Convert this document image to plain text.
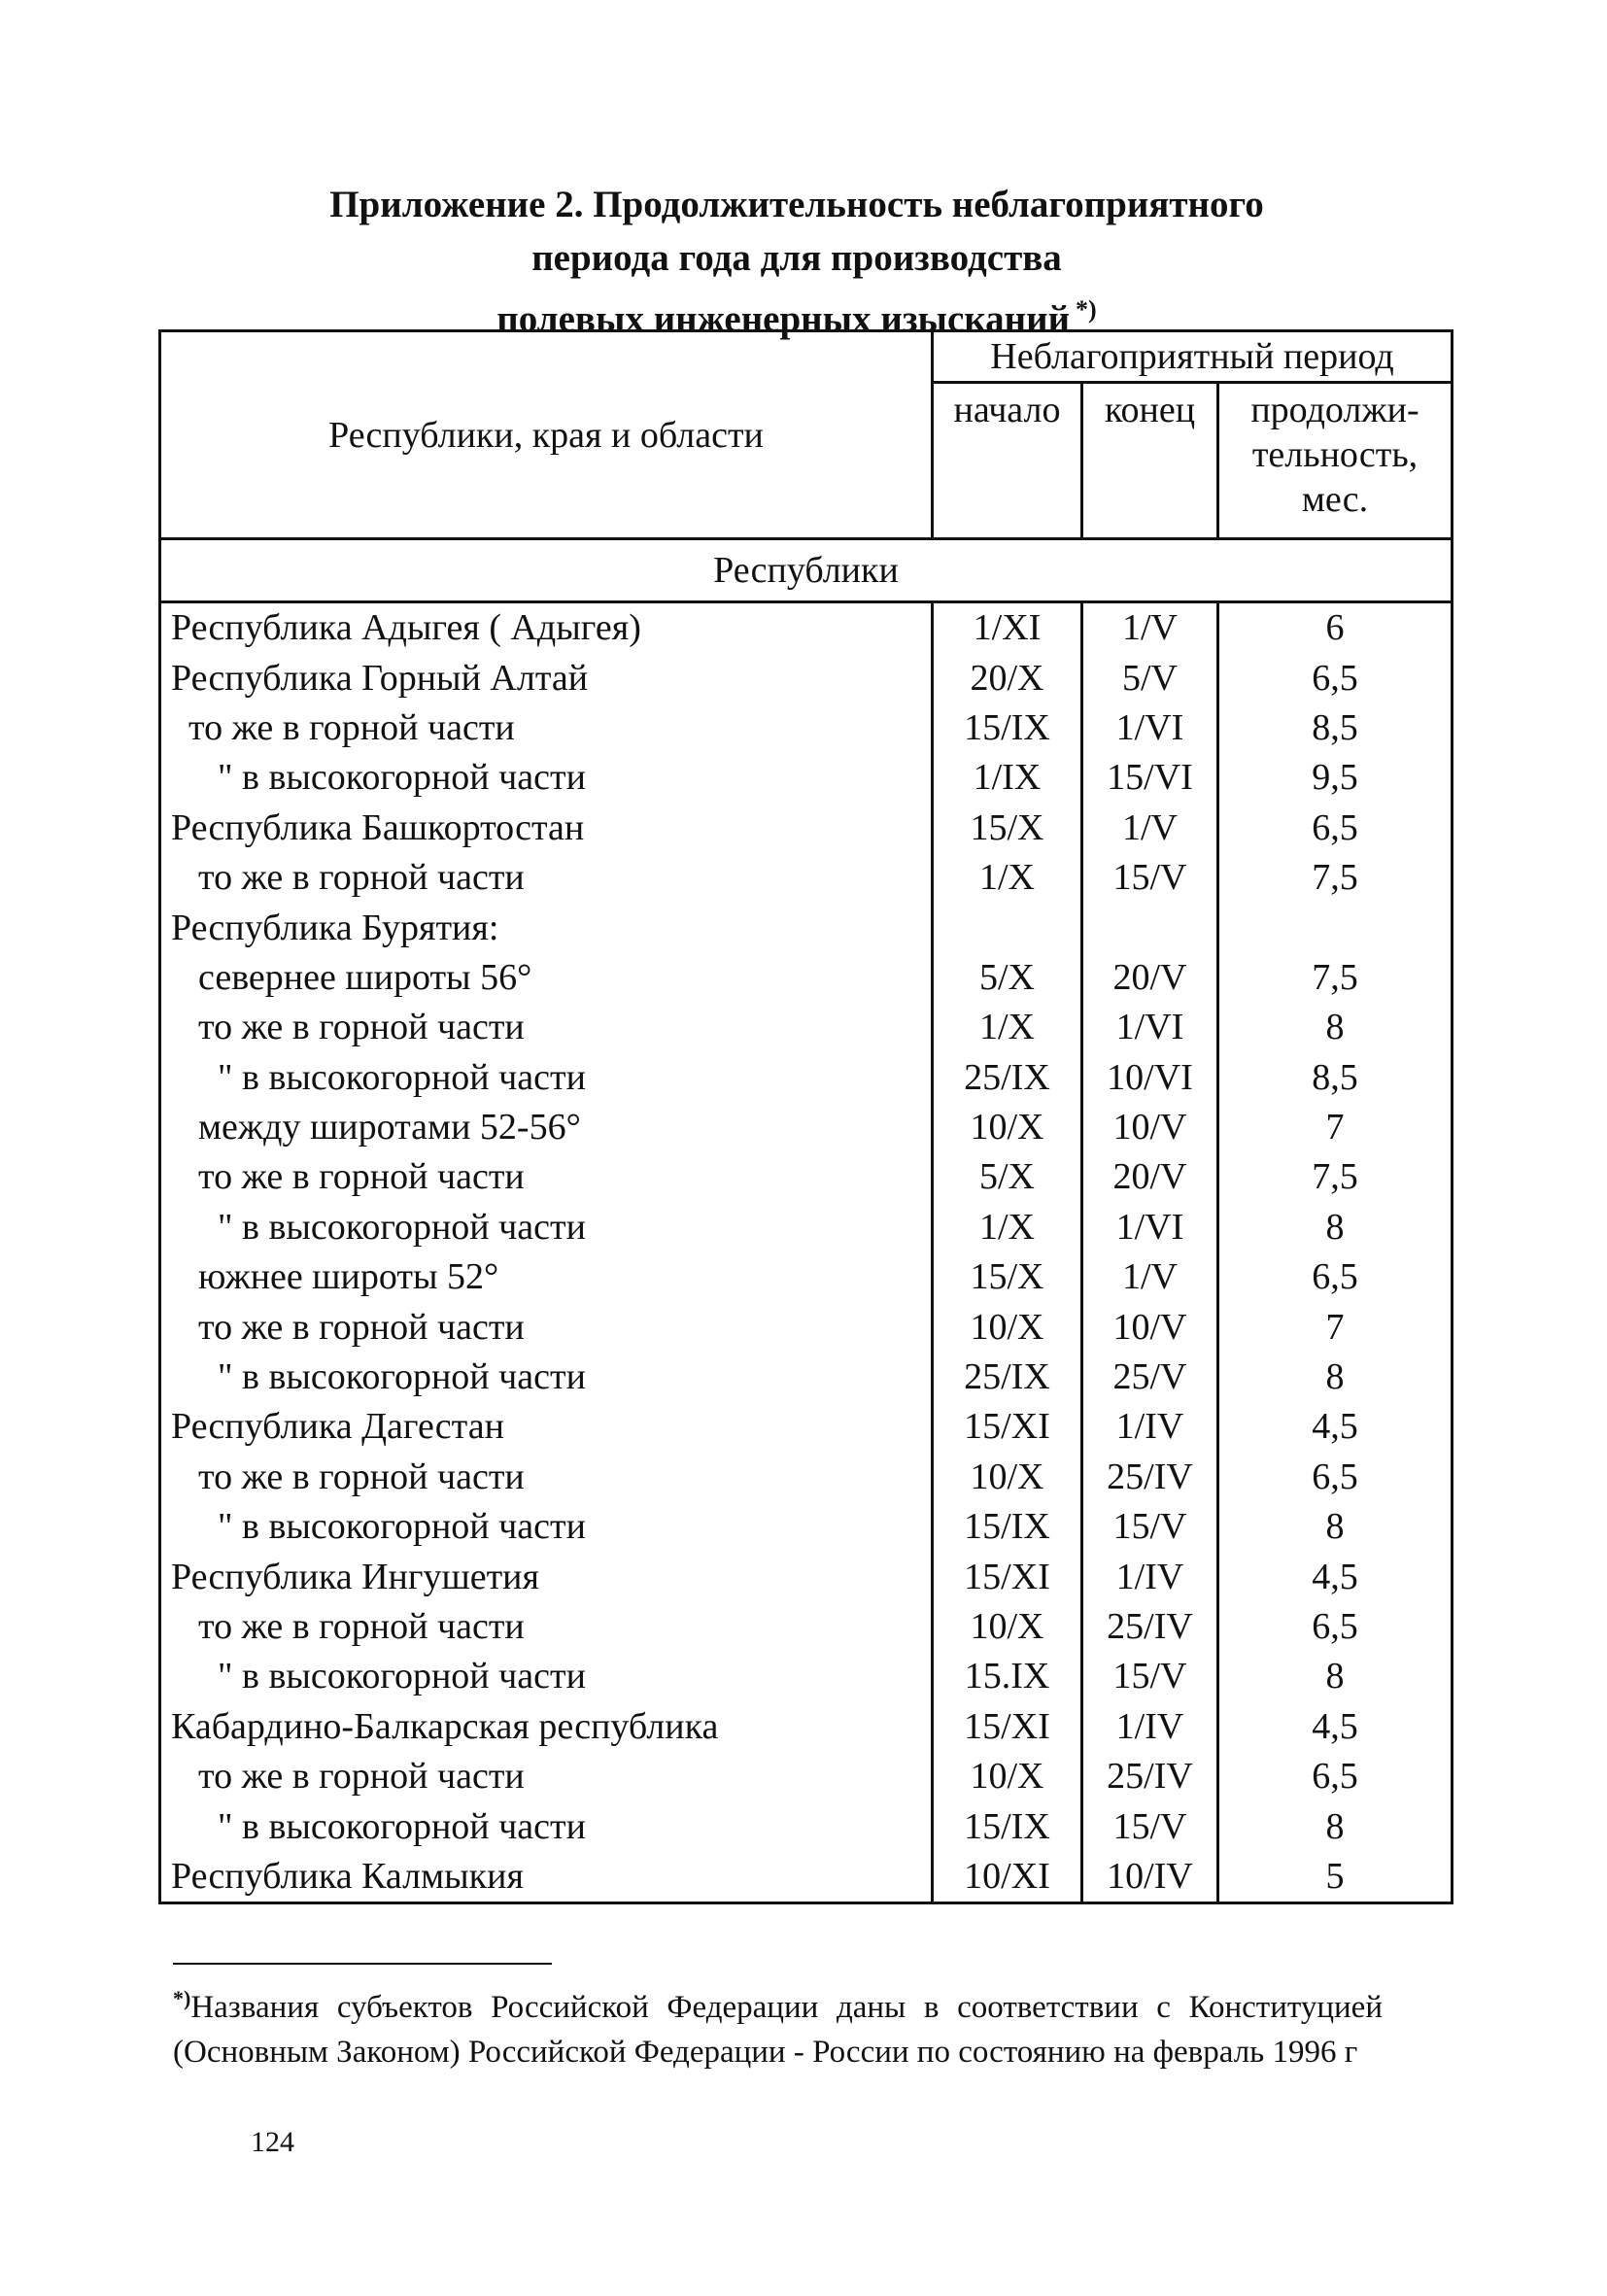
Приложение 2. Продолжительность неблагоприятного
периода года для производства
полевых инженерных изысканий *)
Республики, края и области	Неблагоприятный период		
	начало	конец	продолжи-
тельность,
мес.
Республики			
Республика Адыгея ( Адыгея)	1/XI	1/V	6
Республика Горный Алтай	20/X	5/V	6,5
то же в горной части	15/IX	1/VI	8,5
" в высокогорной части	1/IX	15/VI	9,5
Республика Башкортостан	15/X	1/V	6,5
то же в горной части	1/X	15/V	7,5
Республика Бурятия:			
севернее широты 56°	5/X	20/V	7,5
то же в горной части	1/X	1/VI	8
" в высокогорной части	25/IX	10/VI	8,5
между широтами 52-56°	10/X	10/V	7
то же в горной части	5/X	20/V	7,5
" в высокогорной части	1/X	1/VI	8
южнее широты 52°	15/X	1/V	6,5
то же в горной части	10/X	10/V	7
" в высокогорной части	25/IX	25/V	8
Республика Дагестан	15/XI	1/IV	4,5
то же в горной части	10/X	25/IV	6,5
" в высокогорной части	15/IX	15/V	8
Республика Ингушетия	15/XI	1/IV	4,5
то же в горной части	10/X	25/IV	6,5
" в высокогорной части	15.IX	15/V	8
Кабардино-Балкарская республика	15/XI	1/IV	4,5
то же в горной части	10/X	25/IV	6,5
" в высокогорной части	15/IX	15/V	8
Республика Калмыкия	10/XI	10/IV	5

*)Названия субъектов Российской Федерации даны в соответствии с Конституцией (Основным Законом) Российской Федерации - России по состоянию на февраль 1996 г

124
